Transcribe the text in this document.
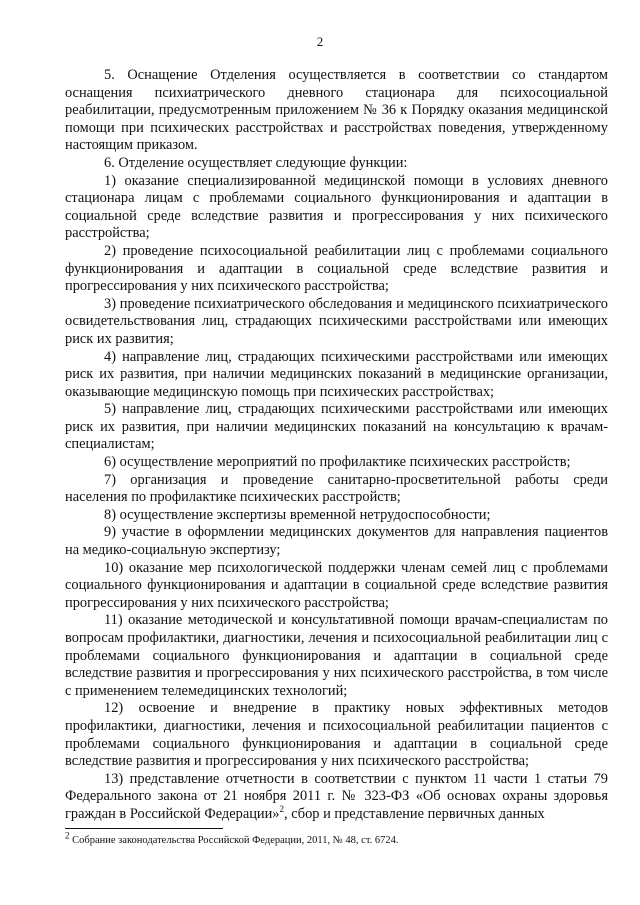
2

5. Оснащение Отделения осуществляется в соответствии со стандартом оснащения психиатрического дневного стационара для психосоциальной реабилитации, предусмотренным приложением № 36 к Порядку оказания медицинской помощи при психических расстройствах и расстройствах поведения, утвержденному настоящим приказом.

6. Отделение осуществляет следующие функции:

1) оказание специализированной медицинской помощи в условиях дневного стационара лицам с проблемами социального функционирования и адаптации в социальной среде вследствие развития и прогрессирования у них психического расстройства;

2) проведение психосоциальной реабилитации лиц с проблемами социального функционирования и адаптации в социальной среде вследствие развития и прогрессирования у них психического расстройства;

3) проведение психиатрического обследования и медицинского психиатрического освидетельствования лиц, страдающих психическими расстройствами или имеющих риск их развития;

4) направление лиц, страдающих психическими расстройствами или имеющих риск их развития, при наличии медицинских показаний в медицинские организации, оказывающие медицинскую помощь при психических расстройствах;

5) направление лиц, страдающих психическими расстройствами или имеющих риск их развития, при наличии медицинских показаний на консультацию к врачам-специалистам;

6) осуществление мероприятий по профилактике психических расстройств;

7) организация и проведение санитарно-просветительной работы среди населения по профилактике психических расстройств;

8) осуществление экспертизы временной нетрудоспособности;

9) участие в оформлении медицинских документов для направления пациентов на медико-социальную экспертизу;

10) оказание мер психологической поддержки членам семей лиц с проблемами социального функционирования и адаптации в социальной среде вследствие развития прогрессирования у них психического расстройства;

11) оказание методической и консультативной помощи врачам-специалистам по вопросам профилактики, диагностики, лечения и психосоциальной реабилитации лиц с проблемами социального функционирования и адаптации в социальной среде вследствие развития и прогрессирования у них психического расстройства, в том числе с применением телемедицинских технологий;

12) освоение и внедрение в практику новых эффективных методов профилактики, диагностики, лечения и психосоциальной реабилитации пациентов с проблемами социального функционирования и адаптации в социальной среде вследствие развития и прогрессирования у них психического расстройства;

13) представление отчетности в соответствии с пунктом 11 части 1 статьи 79 Федерального закона от 21 ноября 2011 г. № 323-ФЗ «Об основах охраны здоровья граждан в Российской Федерации»$^2$, сбор и представление первичных данных

$^2$ Собрание законодательства Российской Федерации, 2011, № 48, ст. 6724.
